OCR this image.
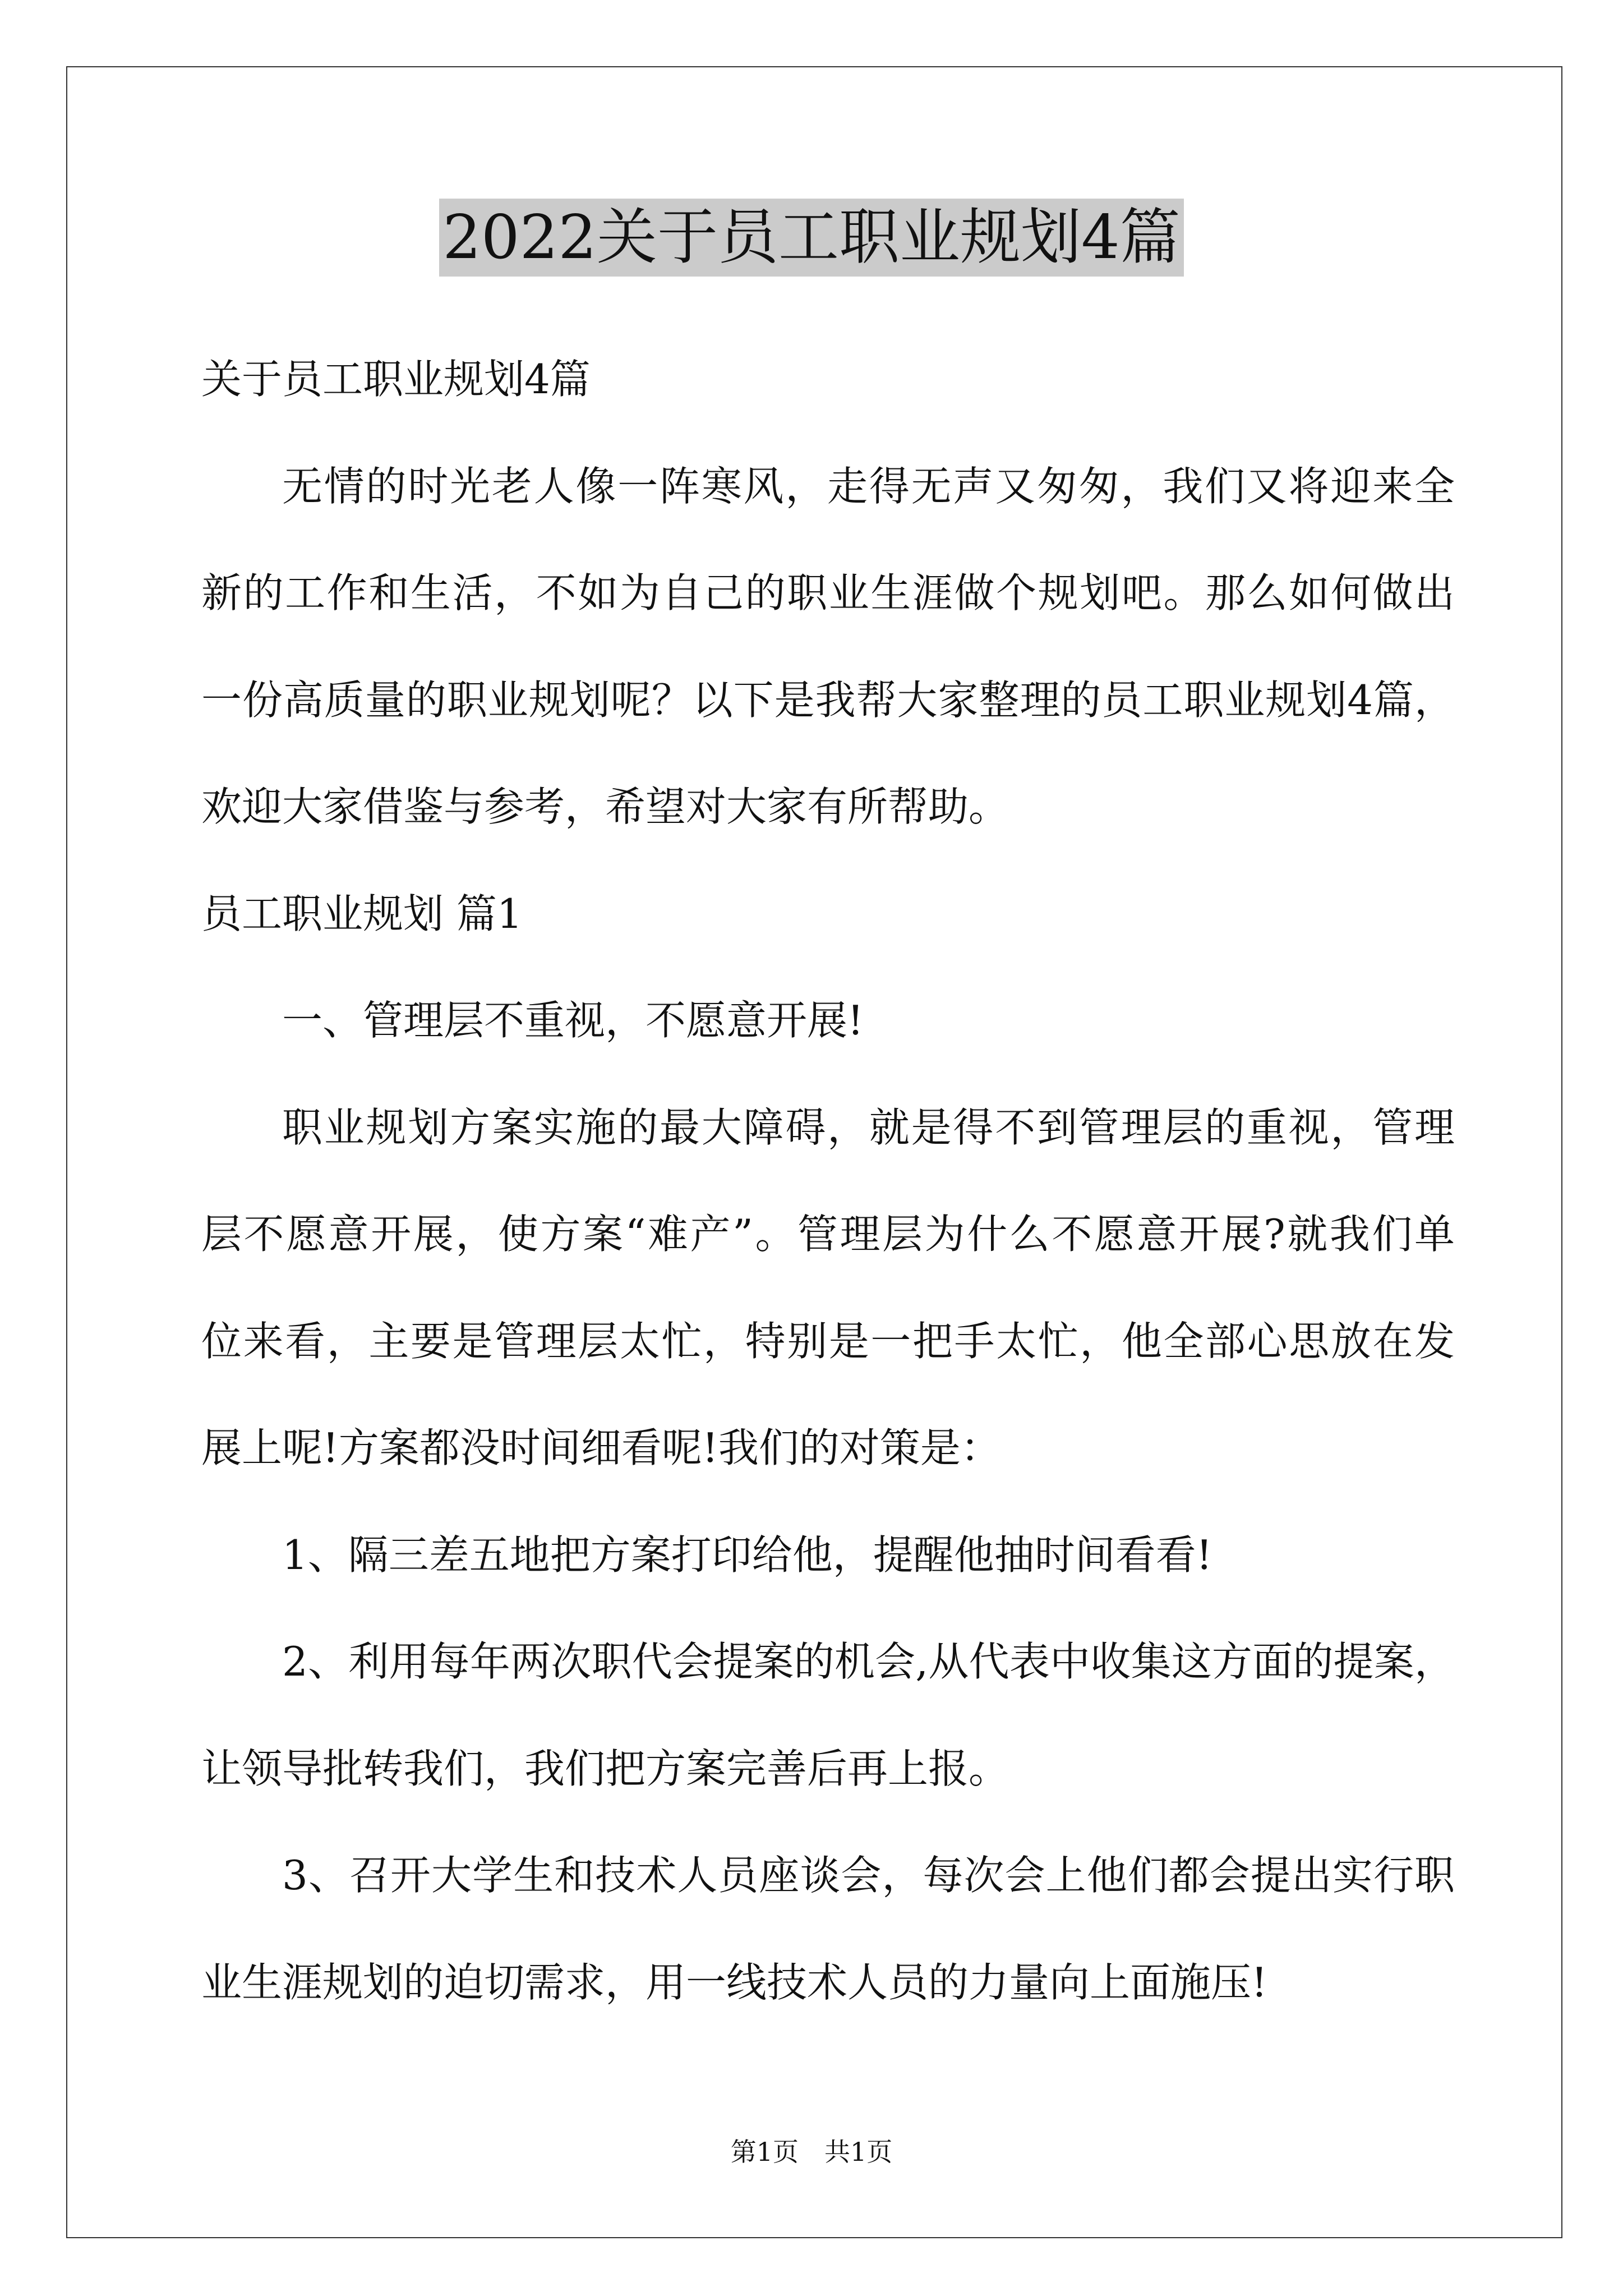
2022关于员工职业规划4篇
关于员工职业规划4篇
无情的时光老人像一阵寒风，走得无声又匆匆，我们又将迎来全
新的工作和生活，不如为自己的职业生涯做个规划吧。那么如何做出
一份高质量的职业规划呢？以下是我帮大家整理的员工职业规划4篇，
欢迎大家借鉴与参考，希望对大家有所帮助。
员工职业规划 篇1
一、管理层不重视，不愿意开展!
职业规划方案实施的最大障碍，就是得不到管理层的重视，管理
层不愿意开展，使方案“难产”。管理层为什么不愿意开展?就我们单
位来看，主要是管理层太忙，特别是一把手太忙，他全部心思放在发
展上呢!方案都没时间细看呢!我们的对策是：
1、隔三差五地把方案打印给他，提醒他抽时间看看!
2、利用每年两次职代会提案的机会,从代表中收集这方面的提案，
让领导批转我们，我们把方案完善后再上报。
3、召开大学生和技术人员座谈会，每次会上他们都会提出实行职
业生涯规划的迫切需求，用一线技术人员的力量向上面施压!
第1页 共1页
